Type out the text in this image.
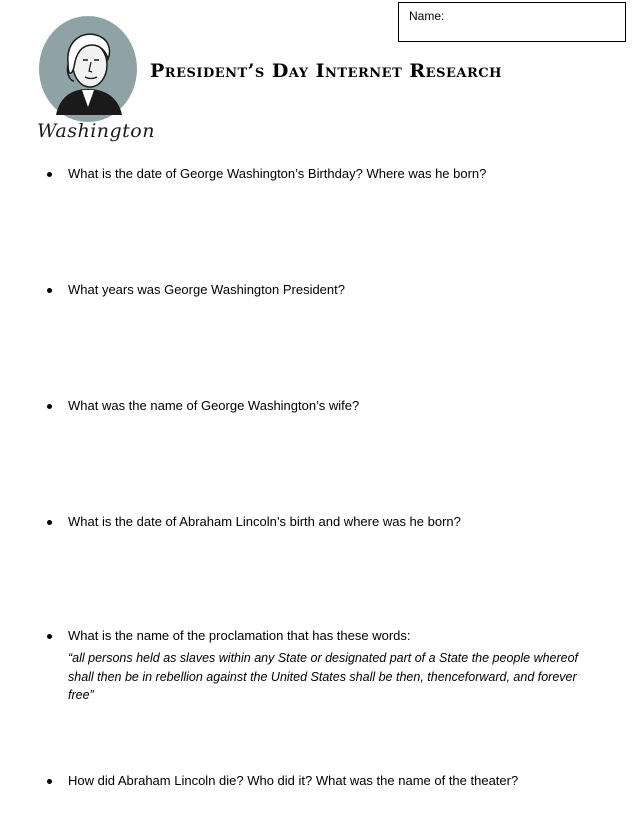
Name:
Washington
President’s Day Internet Research
What is the date of George Washington’s Birthday? Where was he born?
What years was George Washington President?
What was the name of George Washington’s wife?
What is the date of Abraham Lincoln’s birth and where was he born?
What is the name of the proclamation that has these words:
“all persons held as slaves within any State or designated part of a State the people whereof shall then be in rebellion against the United States shall be then, thenceforward, and forever free”
How did Abraham Lincoln die? Who did it? What was the name of the theater?
